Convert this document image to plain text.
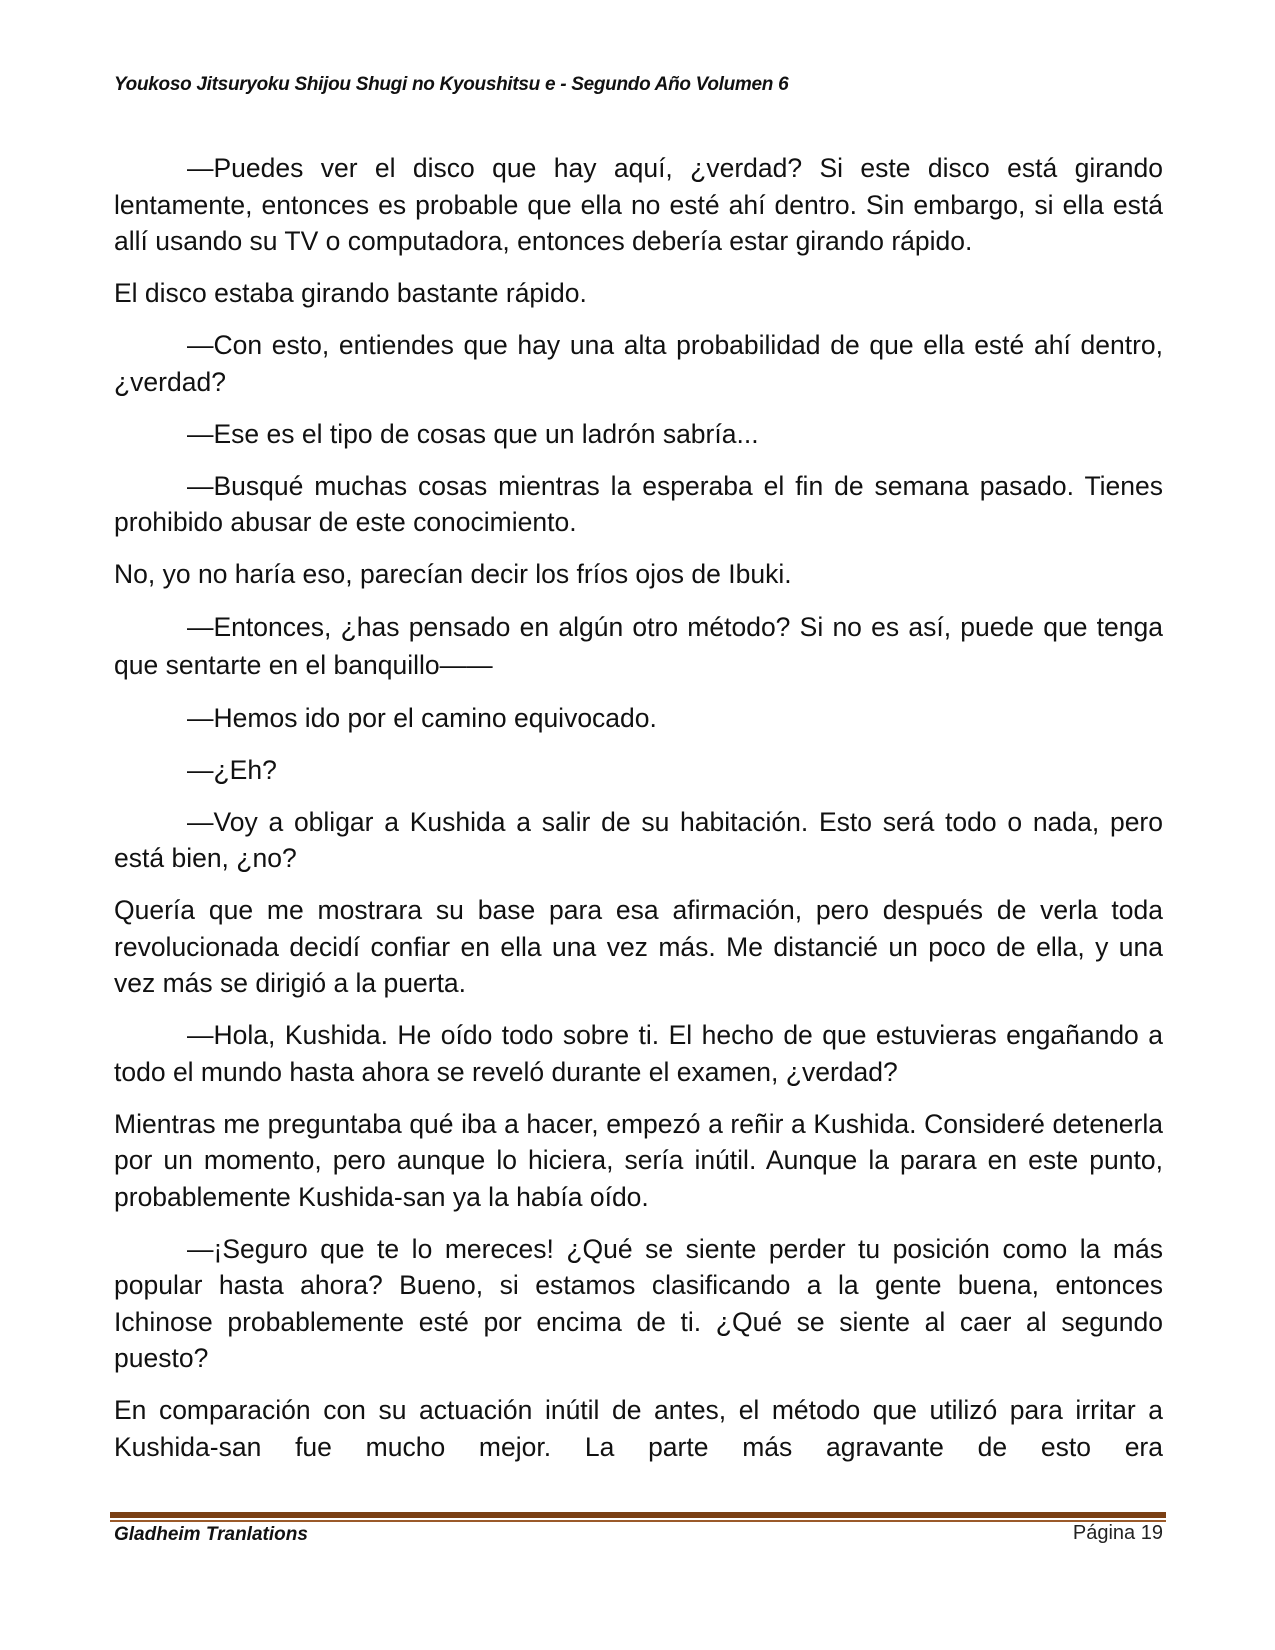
Youkoso Jitsuryoku Shijou Shugi no Kyoushitsu e - Segundo Año Volumen 6

—Puedes ver el disco que hay aquí, ¿verdad? Si este disco está girando lentamente, entonces es probable que ella no esté ahí dentro. Sin embargo, si ella está allí usando su TV o computadora, entonces debería estar girando rápido.

El disco estaba girando bastante rápido.

—Con esto, entiendes que hay una alta probabilidad de que ella esté ahí dentro, ¿verdad?

—Ese es el tipo de cosas que un ladrón sabría...

—Busqué muchas cosas mientras la esperaba el fin de semana pasado. Tienes prohibido abusar de este conocimiento.

No, yo no haría eso, parecían decir los fríos ojos de Ibuki.

—Entonces, ¿has pensado en algún otro método? Si no es así, puede que tenga que sentarte en el banquillo——

—Hemos ido por el camino equivocado.

—¿Eh?

—Voy a obligar a Kushida a salir de su habitación. Esto será todo o nada, pero está bien, ¿no?

Quería que me mostrara su base para esa afirmación, pero después de verla toda revolucionada decidí confiar en ella una vez más. Me distancié un poco de ella, y una vez más se dirigió a la puerta.

—Hola, Kushida. He oído todo sobre ti. El hecho de que estuvieras engañando a todo el mundo hasta ahora se reveló durante el examen, ¿verdad?

Mientras me preguntaba qué iba a hacer, empezó a reñir a Kushida. Consideré detenerla por un momento, pero aunque lo hiciera, sería inútil. Aunque la parara en este punto, probablemente Kushida-san ya la había oído.

—¡Seguro que te lo mereces! ¿Qué se siente perder tu posición como la más popular hasta ahora? Bueno, si estamos clasificando a la gente buena, entonces Ichinose probablemente esté por encima de ti. ¿Qué se siente al caer al segundo puesto?

En comparación con su actuación inútil de antes, el método que utilizó para irritar a Kushida-san fue mucho mejor. La parte más agravante de esto era

Gladheim Tranlations	Página 19
